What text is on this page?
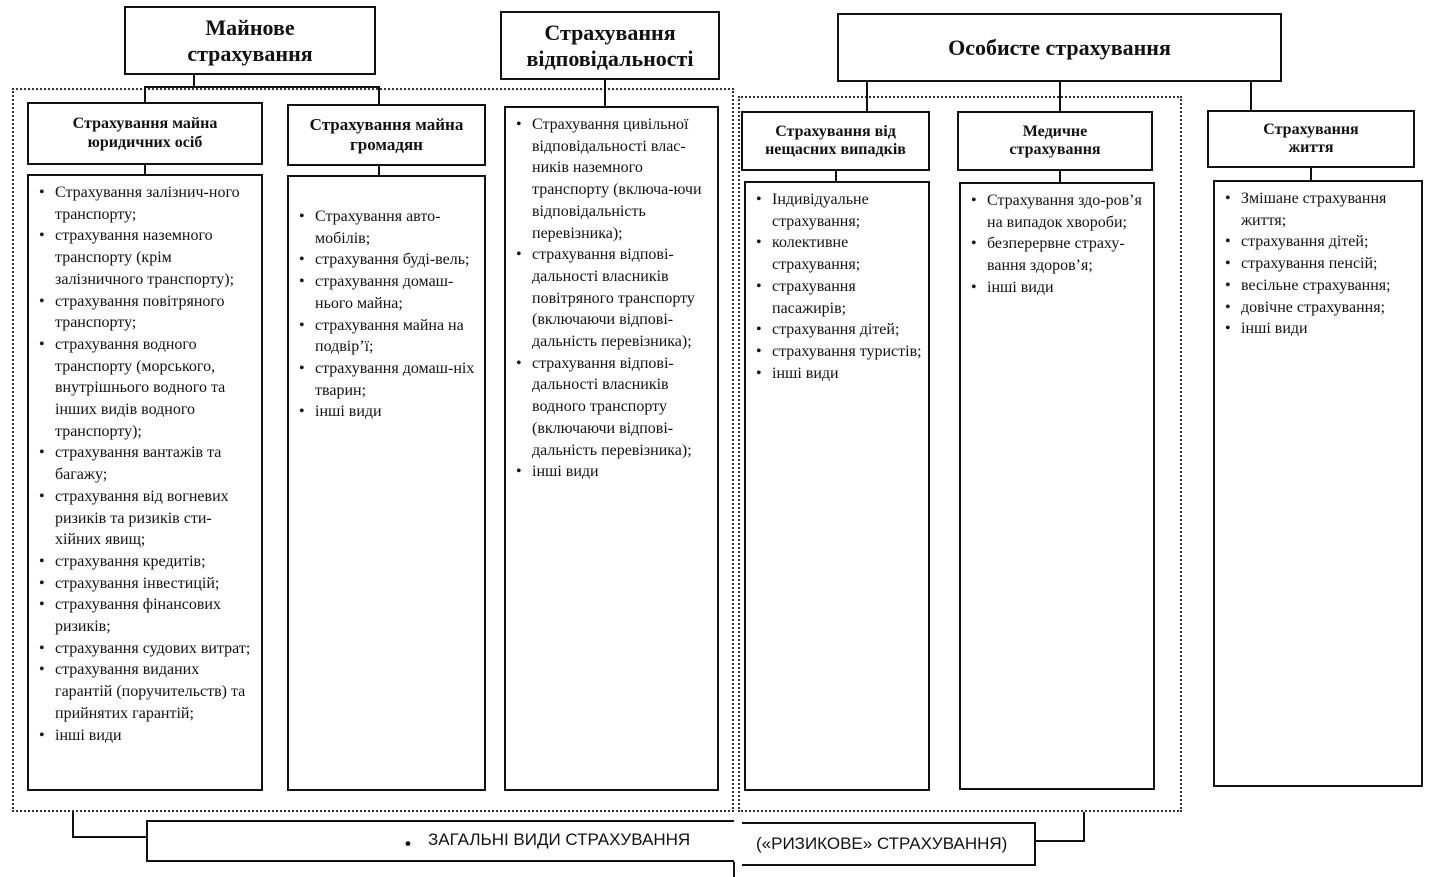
Майнове страхування
Страхування відповідальності	Особисте страхування
Страхування майна юридичних осіб
Страхування майна громадян
Страхування від нещасних випадків
Медичне страхування
Страхування життя
• Страхування залізнич-ного транспорту;
• страхування наземного транспорту (крім залізничного транспорту);
• страхування повітряного транспорту;
• страхування водного транспорту (морського, внутрішнього водного та інших видів водного транспорту);
• страхування вантажів та багажу;
• страхування від вогневих ризиків та ризиків сти-хійних явищ;
• страхування кредитів;
• страхування інвестицій;
• страхування фінансових ризиків;
• страхування судових витрат;
• страхування виданих гарантій (поручительств) та прийнятих гарантій;
• інші види
• Страхування авто-мобілів;
• страхування буді-вель;
• страхування домаш-нього майна;
• страхування майна на подвір’ї;
• страхування домаш-ніх тварин;
• інші види
• Страхування цивільної відповідальності влас-ників наземного транспорту (включа-ючи відповідальність перевізника);
• страхування відпові-дальності власників повітряного транспорту (включаючи відпові-дальність перевізника);
• страхування відпові-дальності власників водного транспорту (включаючи відпові-дальність перевізника);
• інші види
• Індивідуальне страхування;
• колективне страхування;
• страхування пасажирів;
• страхування дітей;
• страхування туристів;
• інші види
• Страхування здо-ров’я на випадок хвороби;
• безперервне страху-вання здоров’я;
• інші види
• Змішане страхування життя;
• страхування дітей;
• страхування пенсій;
• весільне страхування;
• довічне страхування;
• інші види
• ЗАГАЛЬНІ ВИДИ СТРАХУВАННЯ	(«РИЗИКОВЕ» СТРАХУВАННЯ)
